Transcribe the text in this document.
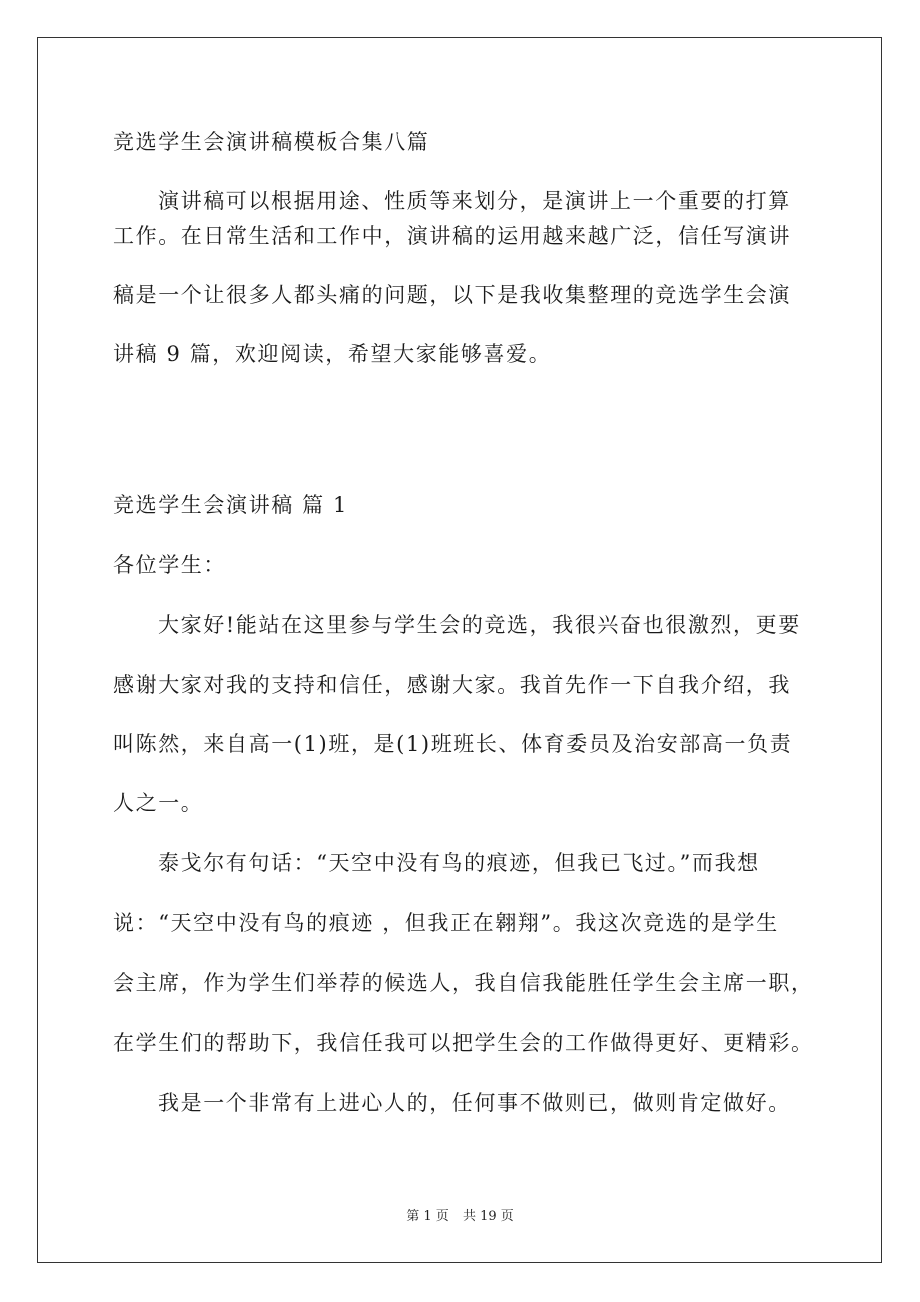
竞选学生会演讲稿模板合集八篇
演讲稿可以根据用途、性质等来划分，是演讲上一个重要的打算
工作。在日常生活和工作中，演讲稿的运用越来越广泛，信任写演讲
稿是一个让很多人都头痛的问题，以下是我收集整理的竞选学生会演
讲稿 9 篇，欢迎阅读，希望大家能够喜爱。
竞选学生会演讲稿 篇 1
各位学生：
大家好!能站在这里参与学生会的竞选，我很兴奋也很激烈，更要
感谢大家对我的支持和信任，感谢大家。我首先作一下自我介绍，我
叫陈然，来自高一(1)班，是(1)班班长、体育委员及治安部高一负责
人之一。
泰戈尔有句话：“天空中没有鸟的痕迹，但我已飞过。”而我想
说：“天空中没有鸟的痕迹 ，但我正在翱翔”。我这次竞选的是学生
会主席，作为学生们举荐的候选人，我自信我能胜任学生会主席一职，
在学生们的帮助下，我信任我可以把学生会的工作做得更好、更精彩。
我是一个非常有上进心人的，任何事不做则已，做则肯定做好。
第 1 页 共 19 页
